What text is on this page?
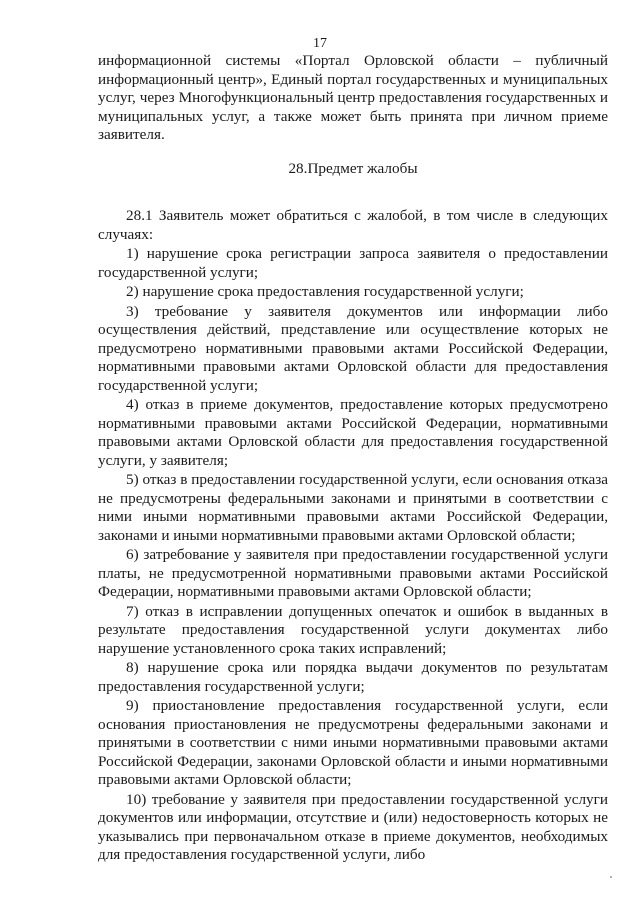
17
информационной системы «Портал Орловской области – публичный информационный центр», Единый портал государственных и муниципальных услуг, через Многофункциональный центр предоставления государственных и муниципальных услуг, а также может быть принята при личном приеме заявителя.
28.Предмет жалобы

28.1 Заявитель может обратиться с жалобой, в том числе в следующих случаях:

1) нарушение срока регистрации запроса заявителя о предоставлении государственной услуги;

2) нарушение срока предоставления государственной услуги;

3) требование у заявителя документов или информации либо осуществления действий, представление или осуществление которых не предусмотрено нормативными правовыми актами Российской Федерации, нормативными правовыми актами Орловской области для предоставления государственной услуги;

4) отказ в приеме документов, предоставление которых предусмотрено нормативными правовыми актами Российской Федерации, нормативными правовыми актами Орловской области для предоставления государственной услуги, у заявителя;

5) отказ в предоставлении государственной услуги, если основания отказа не предусмотрены федеральными законами и принятыми в соответствии с ними иными нормативными правовыми актами Российской Федерации, законами и иными нормативными правовыми актами Орловской области;

6) затребование у заявителя при предоставлении государственной услуги платы, не предусмотренной нормативными правовыми актами Российской Федерации, нормативными правовыми актами Орловской области;

7) отказ в исправлении допущенных опечаток и ошибок в выданных в результате предоставления государственной услуги документах либо нарушение установленного срока таких исправлений;

8) нарушение срока или порядка выдачи документов по результатам предоставления государственной услуги;

9) приостановление предоставления государственной услуги, если основания приостановления не предусмотрены федеральными законами и принятыми в соответствии с ними иными нормативными правовыми актами Российской Федерации, законами Орловской области и иными нормативными правовыми актами Орловской области;

10) требование у заявителя при предоставлении государственной услуги документов или информации, отсутствие и (или) недостоверность которых не указывались при первоначальном отказе в приеме документов, необходимых для предоставления государственной услуги, либо
